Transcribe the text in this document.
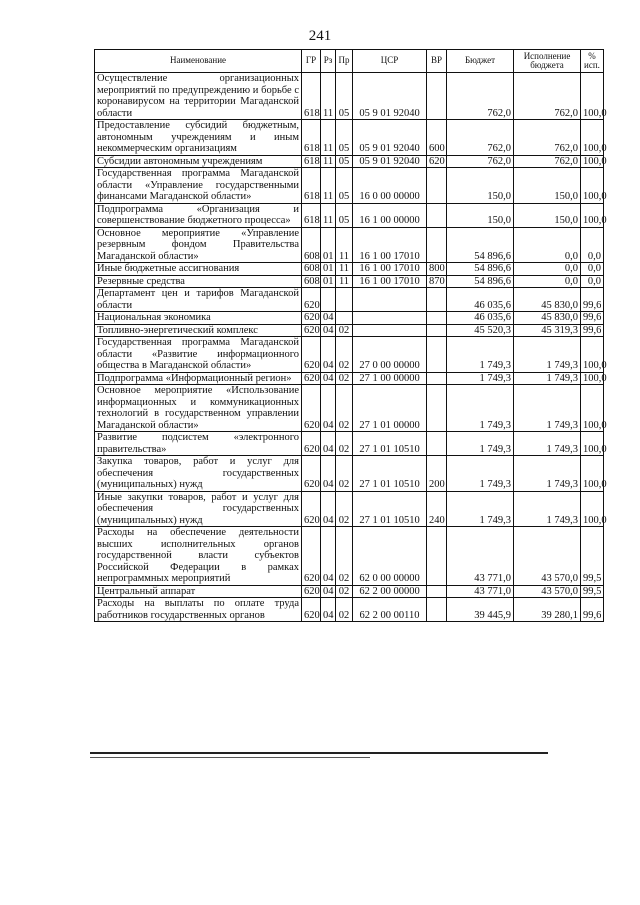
241
Наименование	ГР	Рз	Пр	ЦСР	ВР	Бюджет	Исполнение бюджета	% исп.
Осуществление организационных мероприятий по предупреждению и борьбе с коронавирусом на территории Магаданской области	618	11	05	05 9 01 92040		762,0	762,0	100,0
Предоставление субсидий бюджетным, автономным учреждениям и иным некоммерческим организациям	618	11	05	05 9 01 92040	600	762,0	762,0	100,0
Субсидии автономным учреждениям	618	11	05	05 9 01 92040	620	762,0	762,0	100,0
Государственная программа Магаданской области «Управление государственными финансами Магаданской области»	618	11	05	16 0 00 00000		150,0	150,0	100,0
Подпрограмма «Организация и совершенствование бюджетного процесса»	618	11	05	16 1 00 00000		150,0	150,0	100,0
Основное мероприятие «Управление резервным фондом Правительства Магаданской области»	608	01	11	16 1 00 17010		54 896,6	0,0	0,0
Иные бюджетные ассигнования	608	01	11	16 1 00 17010	800	54 896,6	0,0	0,0
Резервные средства	608	01	11	16 1 00 17010	870	54 896,6	0,0	0,0
Департамент цен и тарифов Магаданской области	620					46 035,6	45 830,0	99,6
Национальная экономика	620	04				46 035,6	45 830,0	99,6
Топливно-энергетический комплекс	620	04	02			45 520,3	45 319,3	99,6
Государственная программа Магаданской области «Развитие информационного общества в Магаданской области»	620	04	02	27 0 00 00000		1 749,3	1 749,3	100,0
Подпрограмма «Информационный регион»	620	04	02	27 1 00 00000		1 749,3	1 749,3	100,0
Основное мероприятие «Использование информационных и коммуникационных технологий в государственном управлении Магаданской области»	620	04	02	27 1 01 00000		1 749,3	1 749,3	100,0
Развитие подсистем «электронного правительства»	620	04	02	27 1 01 10510		1 749,3	1 749,3	100,0
Закупка товаров, работ и услуг для обеспечения государственных (муниципальных) нужд	620	04	02	27 1 01 10510	200	1 749,3	1 749,3	100,0
Иные закупки товаров, работ и услуг для обеспечения государственных (муниципальных) нужд	620	04	02	27 1 01 10510	240	1 749,3	1 749,3	100,0
Расходы на обеспечение деятельности высших исполнительных органов государственной власти субъектов Российской Федерации в рамках непрограммных мероприятий	620	04	02	62 0 00 00000		43 771,0	43 570,0	99,5
Центральный аппарат	620	04	02	62 2 00 00000		43 771,0	43 570,0	99,5
Расходы на выплаты по оплате труда работников государственных органов	620	04	02	62 2 00 00110		39 445,9	39 280,1	99,6
